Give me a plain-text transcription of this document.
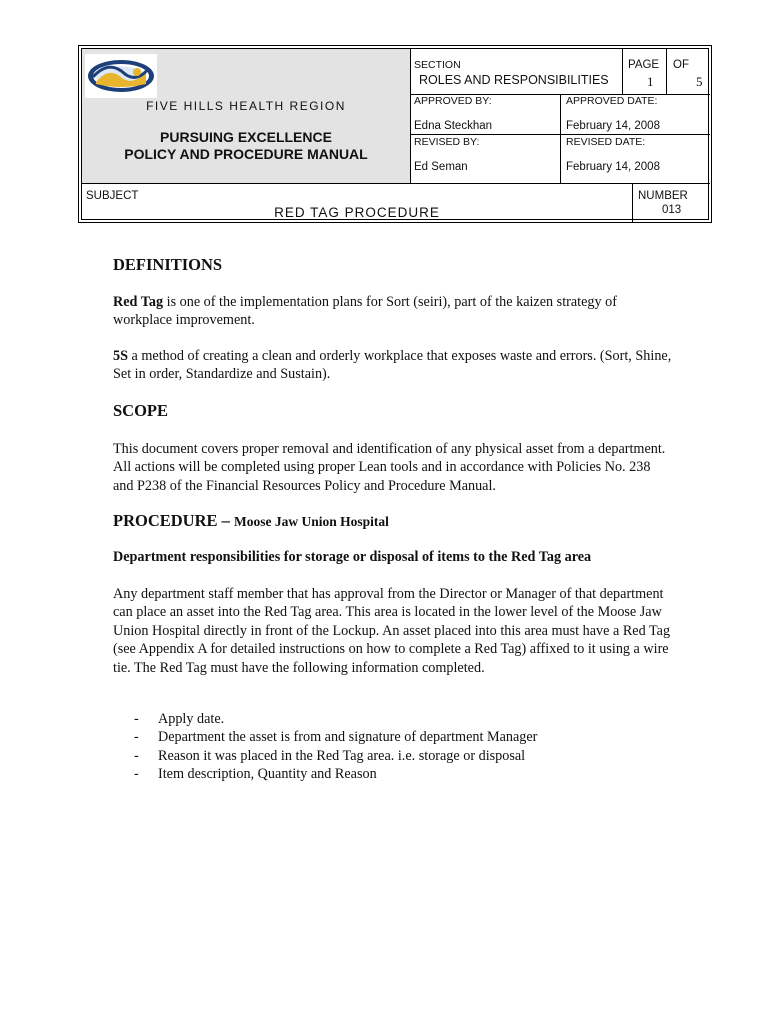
FIVE HILLS HEALTH REGION
PURSUING EXCELLENCE
POLICY AND PROCEDURE MANUAL
SECTION
ROLES AND RESPONSIBILITIES
PAGE
1
OF
5
APPROVED BY:
Edna Steckhan
APPROVED DATE:
February 14, 2008
REVISED BY:
Ed Seman
REVISED DATE:
February 14, 2008
SUBJECT
RED TAG PROCEDURE
NUMBER
013
DEFINITIONS

Red Tag is one of the implementation plans for Sort (seiri), part of the kaizen strategy of workplace improvement.

5S a method of creating a clean and orderly workplace that exposes waste and errors. (Sort, Shine, Set in order, Standardize and Sustain).

SCOPE

This document covers proper removal and identification of any physical asset from a department. All actions will be completed using proper Lean tools and in accordance with Policies No. 238 and P238 of the Financial Resources Policy and Procedure Manual.

PROCEDURE – Moose Jaw Union Hospital

Department responsibilities for storage or disposal of items to the Red Tag area

Any department staff member that has approval from the Director or Manager of that department can place an asset into the Red Tag area. This area is located in the lower level of the Moose Jaw Union Hospital directly in front of the Lockup. An asset placed into this area must have a Red Tag (see Appendix A for detailed instructions on how to complete a Red Tag) affixed to it using a wire tie. The Red Tag must have the following information completed.

- Apply date.
- Department the asset is from and signature of department Manager
- Reason it was placed in the Red Tag area. i.e. storage or disposal
- Item description, Quantity and Reason
